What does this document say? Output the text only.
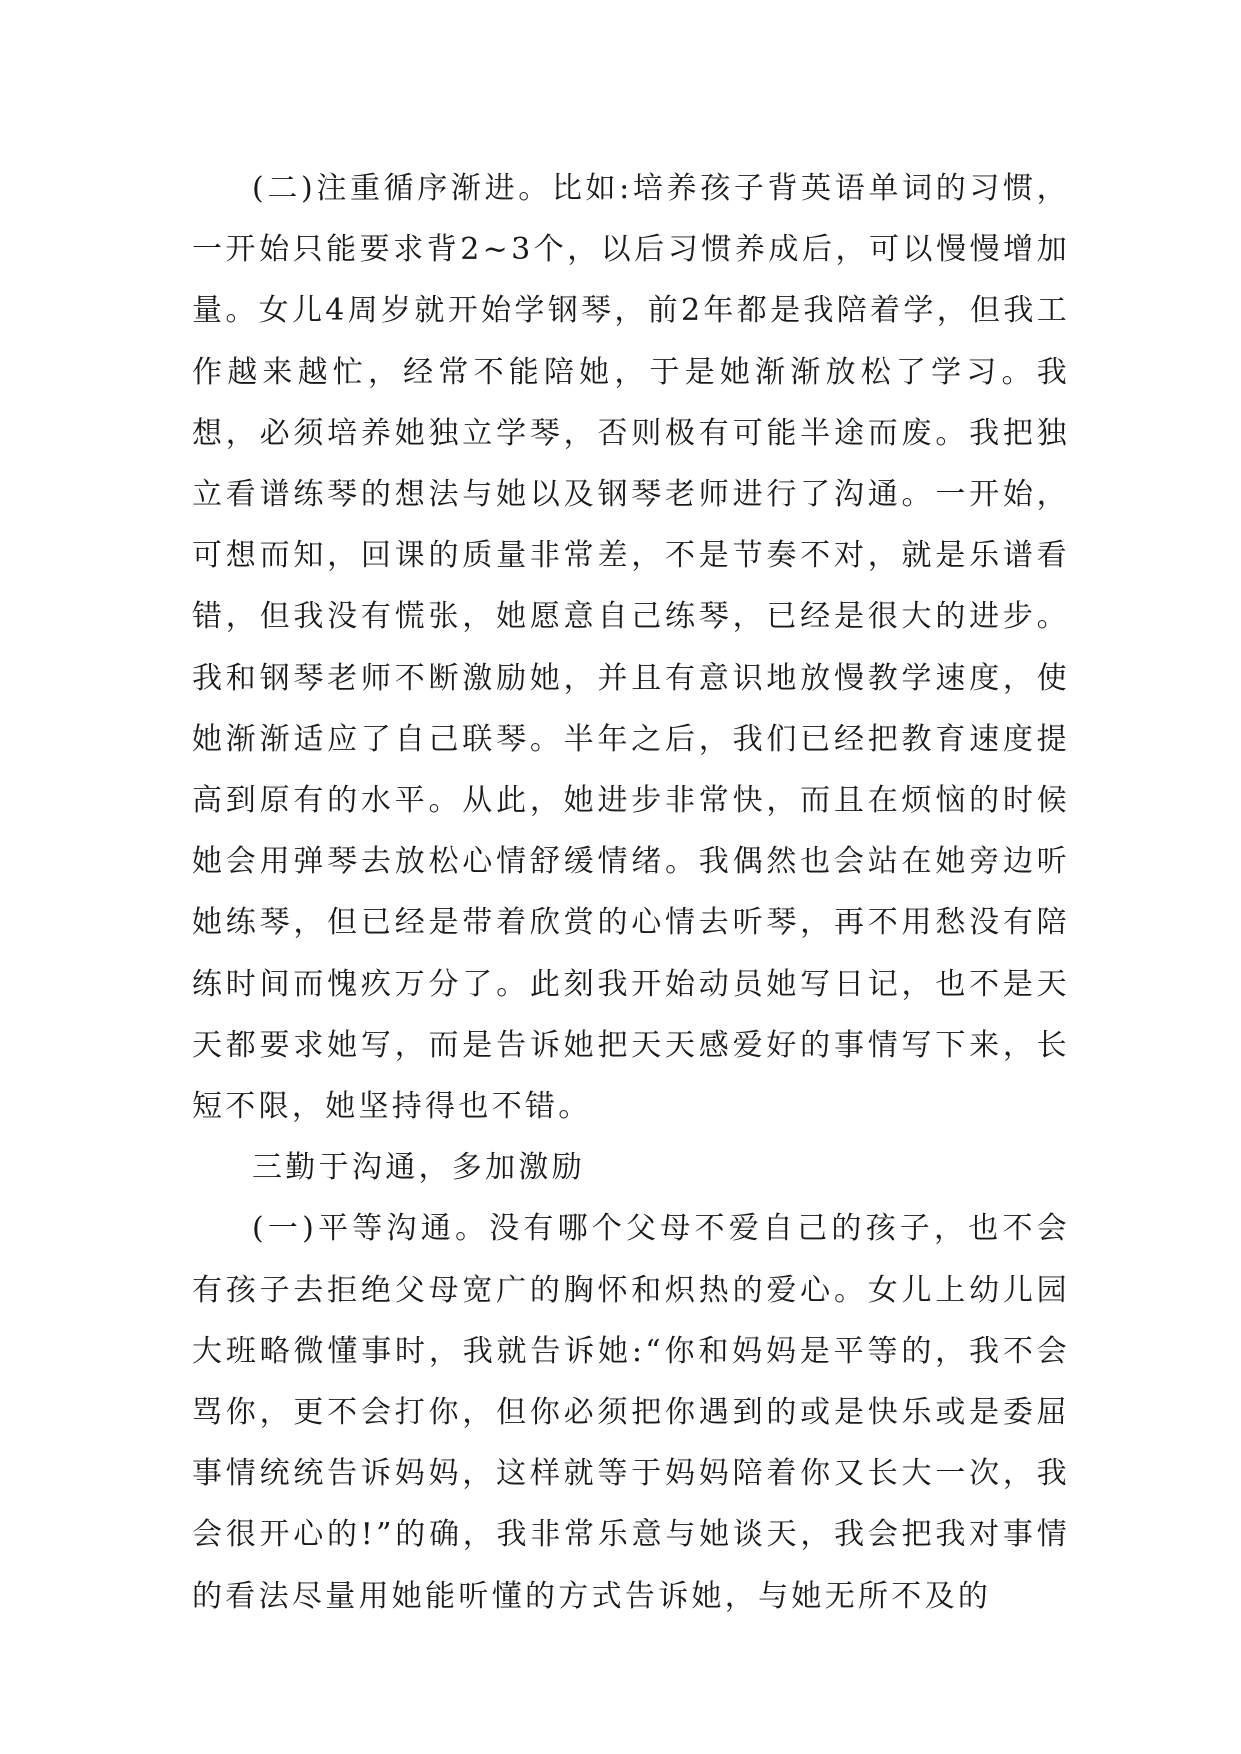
(二)注重循序渐进。比如:培养孩子背英语单词的习惯，一开始只能要求背2~3个，以后习惯养成后，可以慢慢增加量。女儿4周岁就开始学钢琴，前2年都是我陪着学，但我工作越来越忙，经常不能陪她，于是她渐渐放松了学习。我想，必须培养她独立学琴，否则极有可能半途而废。我把独立看谱练琴的想法与她以及钢琴老师进行了沟通。一开始，可想而知，回课的质量非常差，不是节奏不对，就是乐谱看错，但我没有慌张，她愿意自己练琴，已经是很大的进步。我和钢琴老师不断激励她，并且有意识地放慢教学速度，使她渐渐适应了自己联琴。半年之后，我们已经把教育速度提高到原有的水平。从此，她进步非常快，而且在烦恼的时候她会用弹琴去放松心情舒缓情绪。我偶然也会站在她旁边听她练琴，但已经是带着欣赏的心情去听琴，再不用愁没有陪练时间而愧疚万分了。此刻我开始动员她写日记，也不是天天都要求她写，而是告诉她把天天感爱好的事情写下来，长短不限，她坚持得也不错。

三勤于沟通，多加激励

(一)平等沟通。没有哪个父母不爱自己的孩子，也不会有孩子去拒绝父母宽广的胸怀和炽热的爱心。女儿上幼儿园大班略微懂事时，我就告诉她:“你和妈妈是平等的，我不会骂你，更不会打你，但你必须把你遇到的或是快乐或是委屈事情统统告诉妈妈，这样就等于妈妈陪着你又长大一次，我会很开心的!”的确，我非常乐意与她谈天，我会把我对事情的看法尽量用她能听懂的方式告诉她，与她无所不及的
